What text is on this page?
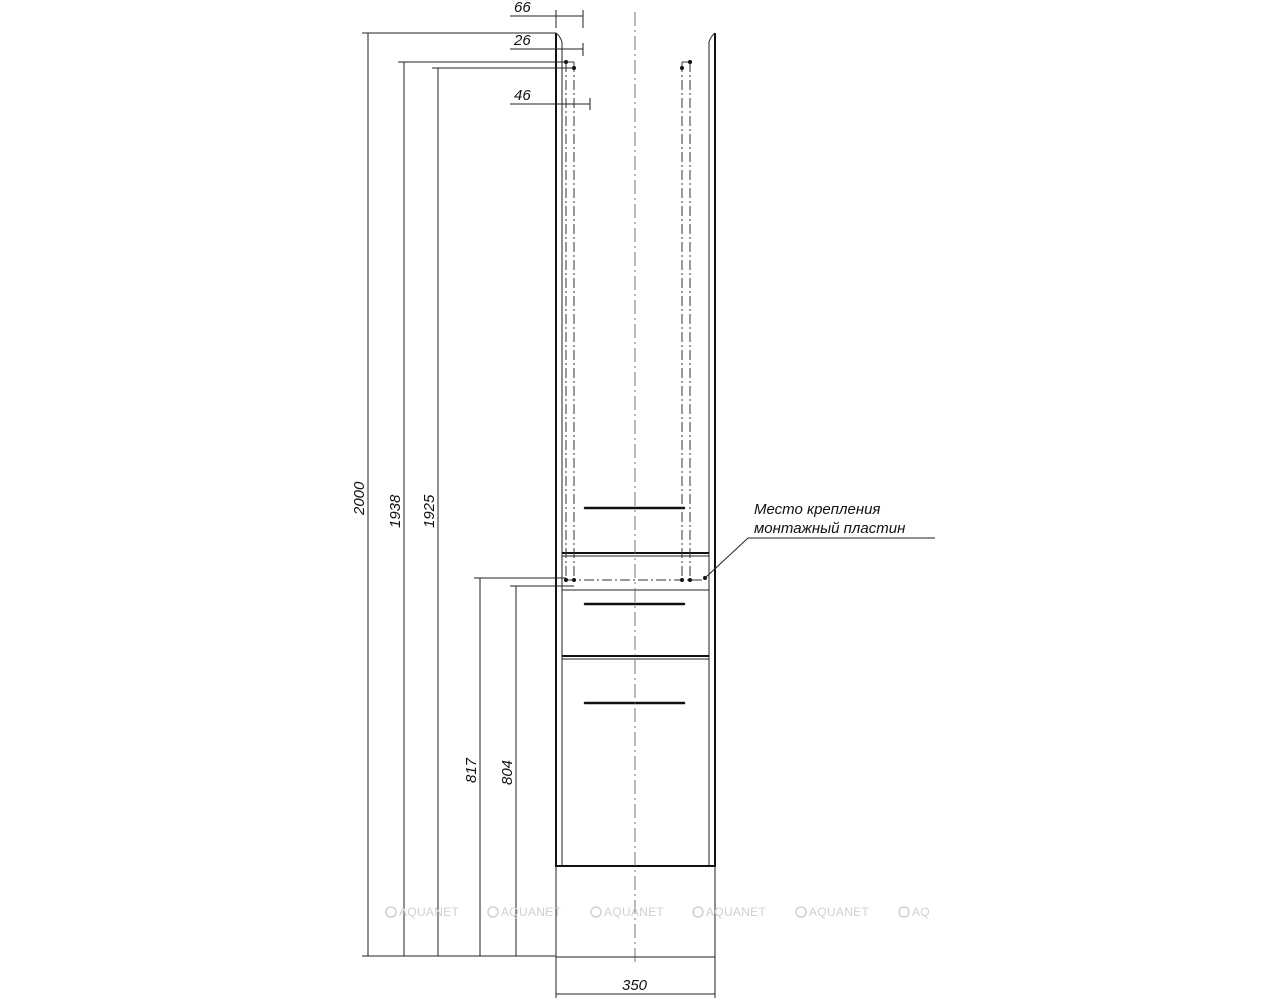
66
26
46
2000 1938 1925
817 804
350
Место крепления
монтажный пластин
AQUANET	AQUANET	AQUANET	AQUANET	AQUANET	AQ
